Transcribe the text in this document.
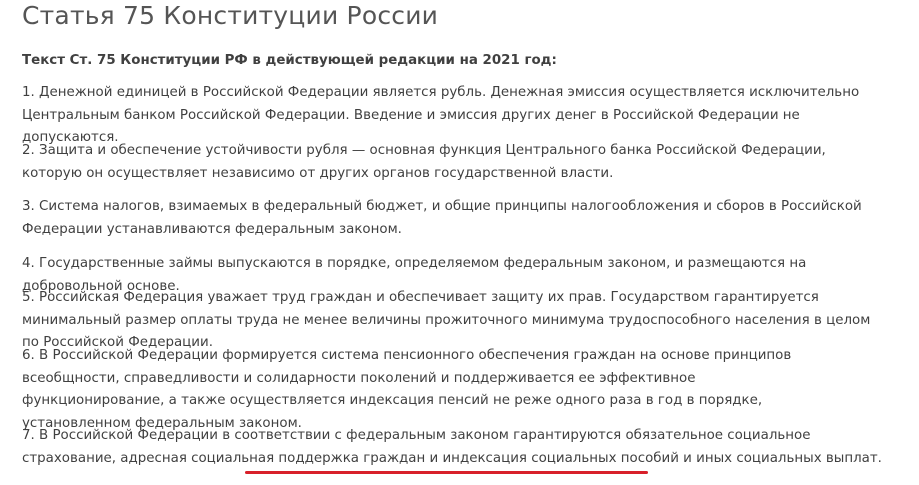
Статья 75 Конституции России

Текст Ст. 75 Конституции РФ в действующей редакции на 2021 год:

1. Денежной единицей в Российской Федерации является рубль. Денежная эмиссия осуществляется исключительно Центральным банком Российской Федерации. Введение и эмиссия других денег в Российской Федерации не допускаются.

2. Защита и обеспечение устойчивости рубля — основная функция Центрального банка Российской Федерации, которую он осуществляет независимо от других органов государственной власти.

3. Система налогов, взимаемых в федеральный бюджет, и общие принципы налогообложения и сборов в Российской Федерации устанавливаются федеральным законом.

4. Государственные займы выпускаются в порядке, определяемом федеральным законом, и размещаются на добровольной основе.

5. Российская Федерация уважает труд граждан и обеспечивает защиту их прав. Государством гарантируется минимальный размер оплаты труда не менее величины прожиточного минимума трудоспособного населения в целом по Российской Федерации.

6. В Российской Федерации формируется система пенсионного обеспечения граждан на основе принципов всеобщности, справедливости и солидарности поколений и поддерживается ее эффективное функционирование, а также осуществляется индексация пенсий не реже одного раза в год в порядке, установленном федеральным законом.

7. В Российской Федерации в соответствии с федеральным законом гарантируются обязательное социальное страхование, адресная социальная поддержка граждан и индексация социальных пособий и иных социальных выплат.
